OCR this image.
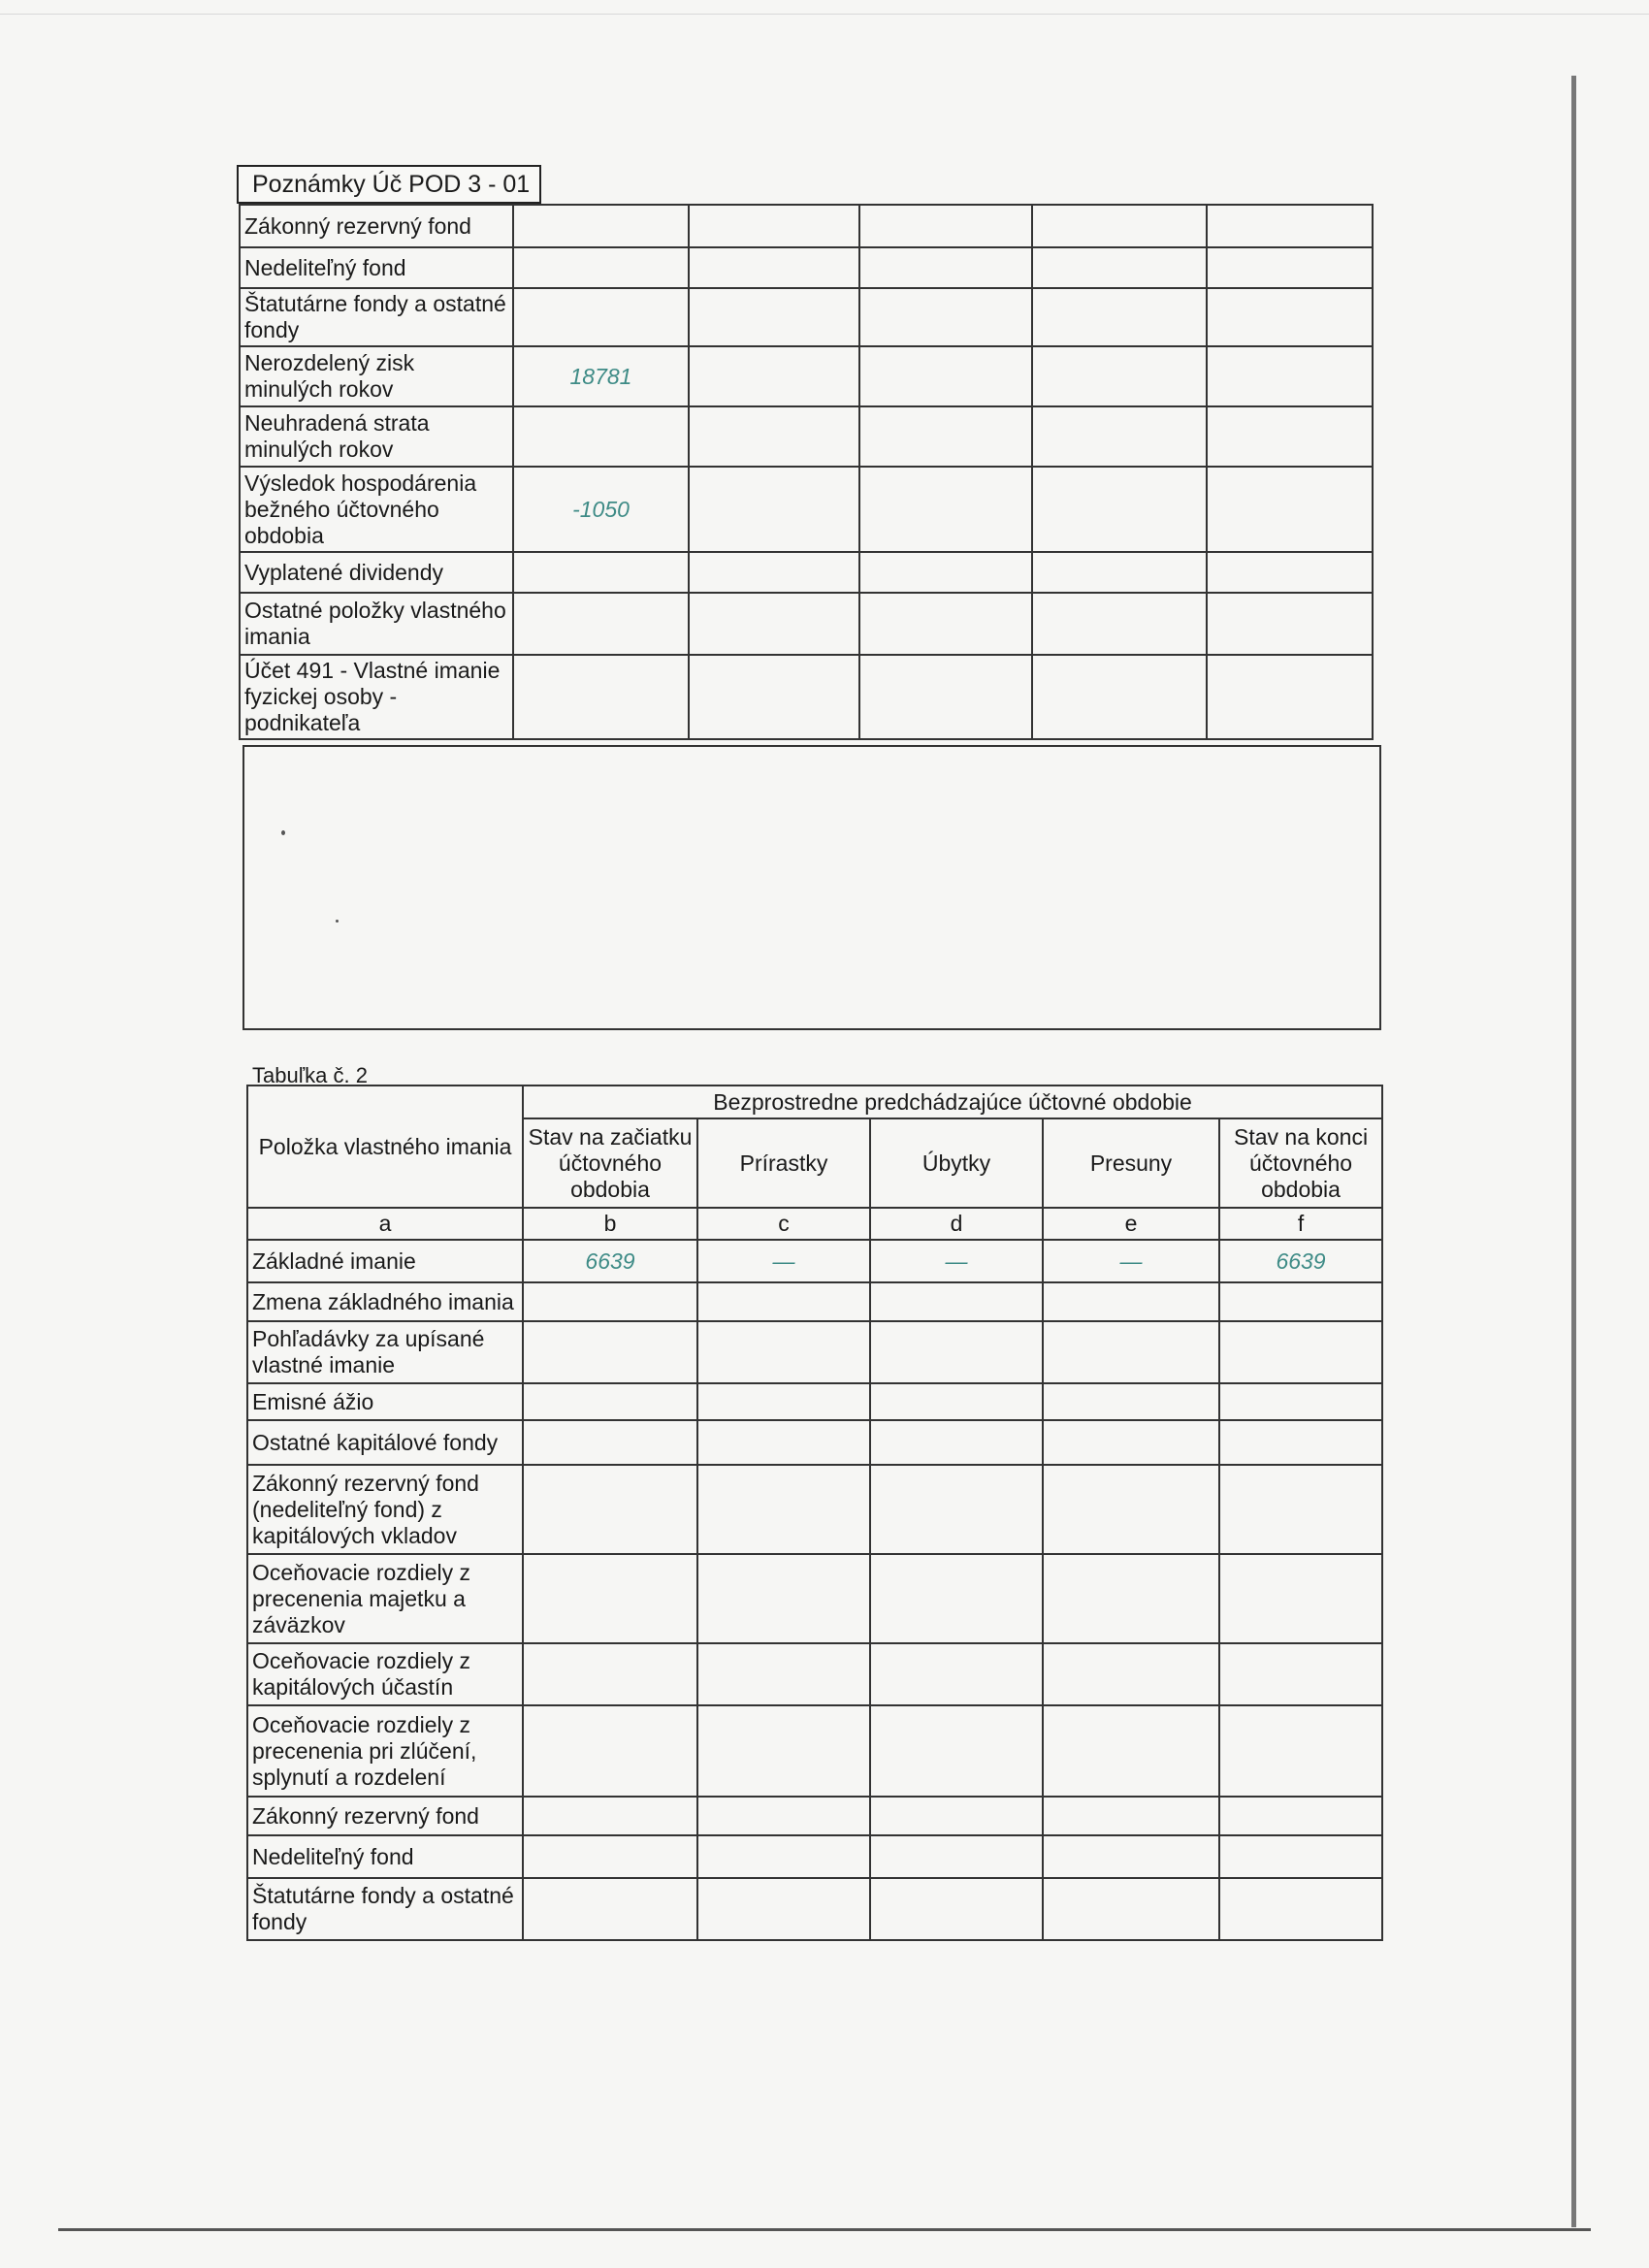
Poznámky Úč POD 3 - 01
Zákonný rezervný fond					
Nedeliteľný fond					
Štatutárne fondy a ostatné fondy					
Nerozdelený zisk minulých rokov	18781				
Neuhradená strata minulých rokov					
Výsledok hospodárenia bežného účtovného obdobia	-1050				
Vyplatené dividendy					
Ostatné položky vlastného imania					
Účet 491 - Vlastné imanie fyzickej osoby - podnikateľa					
Tabuľka č. 2
Položka vlastného imania	Bezprostredne predchádzajúce účtovné obdobie				
	Stav na začiatku účtovného obdobia	Prírastky	Úbytky	Presuny	Stav na konci účtovného obdobia
a	b	c	d	e	f
Základné imanie	6639	—	—	—	6639
Zmena základného imania					
Pohľadávky za upísané vlastné imanie					
Emisné ážio					
Ostatné kapitálové fondy					
Zákonný rezervný fond (nedeliteľný fond) z kapitálových vkladov					
Oceňovacie rozdiely z precenenia majetku a záväzkov					
Oceňovacie rozdiely z kapitálových účastín					
Oceňovacie rozdiely z precenenia pri zlúčení, splynutí a rozdelení					
Zákonný rezervný fond					
Nedeliteľný fond					
Štatutárne fondy a ostatné fondy					
